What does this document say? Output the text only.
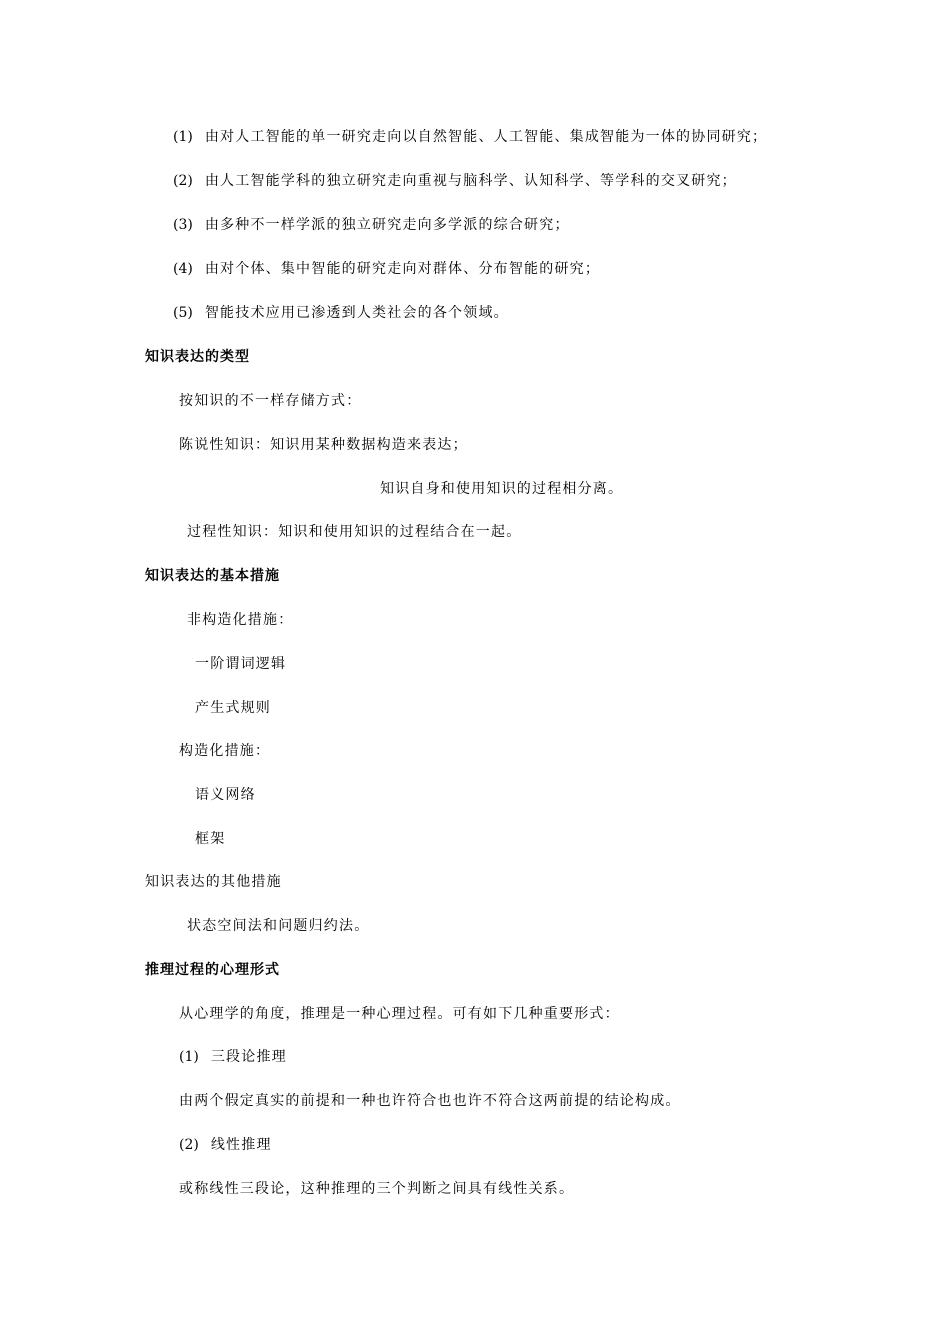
(1) 由对人工智能的单一研究走向以自然智能、人工智能、集成智能为一体的协同研究；
(2) 由人工智能学科的独立研究走向重视与脑科学、认知科学、等学科的交叉研究；
(3) 由多种不一样学派的独立研究走向多学派的综合研究；
(4) 由对个体、集中智能的研究走向对群体、分布智能的研究；
(5) 智能技术应用已渗透到人类社会的各个领域。
知识表达的类型
按知识的不一样存储方式：
陈说性知识：知识用某种数据构造来表达；
知识自身和使用知识的过程相分离。
过程性知识：知识和使用知识的过程结合在一起。
知识表达的基本措施
非构造化措施：
一阶谓词逻辑
产生式规则
构造化措施：
语义网络
框架
知识表达的其他措施
状态空间法和问题归约法。
推理过程的心理形式
从心理学的角度，推理是一种心理过程。可有如下几种重要形式：
(1) 三段论推理
由两个假定真实的前提和一种也许符合也也许不符合这两前提的结论构成。
(2) 线性推理
或称线性三段论，这种推理的三个判断之间具有线性关系。
